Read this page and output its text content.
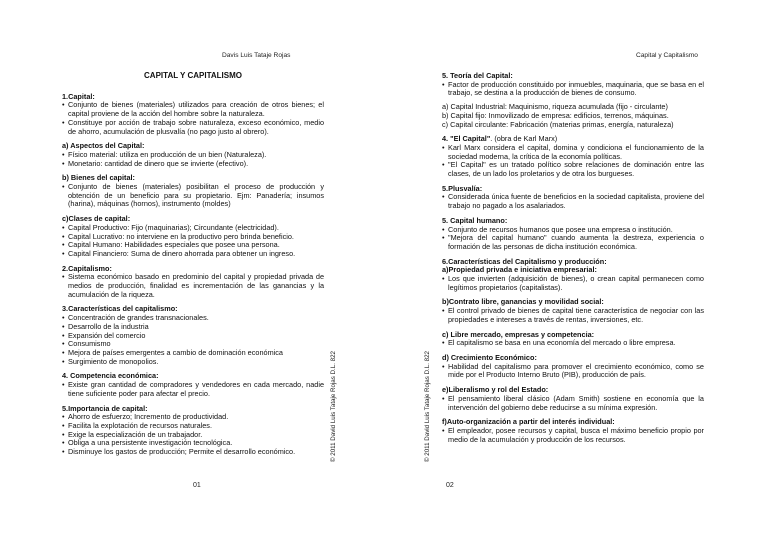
Davis Luis Tataje Rojas
CAPITAL Y CAPITALISMO
1.Capital:
• Conjunto de bienes (materiales) utilizados para creación de otros bienes; el capital proviene de la acción del hombre sobre la naturaleza.
• Constituye por acción de trabajo sobre naturaleza, exceso económico, medio de ahorro, acumulación de plusvalía (no pago justo al obrero).
a) Aspectos del Capital:
• Físico material: utiliza en producción de un bien (Naturaleza).
• Monetario: cantidad de dinero que se invierte (efectivo).
b) Bienes del capital:
• Conjunto de bienes (materiales) posibilitan el proceso de producción y obtención de un beneficio para su propietario. Ejm: Panadería; insumos (harina), máquinas (hornos), instrumento (moldes)
c)Clases de capital:
• Capital Productivo: Fijo (maquinarias); Circundante (electricidad).
• Capital Lucrativo: no interviene en la productivo pero brinda beneficio.
• Capital Humano: Habilidades especiales que posee una persona.
• Capital Financiero: Suma de dinero ahorrada para obtener un ingreso.
2.Capitalismo:
• Sistema económico basado en predominio del capital y propiedad privada de medios de producción, finalidad es incrementación de las ganancias y la acumulación de la riqueza.
3.Características del capitalismo:
• Concentración de grandes transnacionales.
• Desarrollo de la industria
• Expansión del comercio
• Consumismo
• Mejora de países emergentes a cambio de dominación económica
• Surgimiento de monopolios.
4. Competencia económica:
• Existe gran cantidad de compradores y vendedores en cada mercado, nadie tiene suficiente poder para afectar el precio.
5.Importancia de capital:
• Ahorro de esfuerzo; Incremento de productividad.
• Facilita la explotación de recursos naturales.
• Exige la especialización de un trabajador.
• Obliga a una persistente investigación tecnológica.
• Disminuye los gastos de producción; Permite el desarrollo económico.	© 2011 David Luis Tataje Rojas D.L. 822
01
Capital y Capitalismo
5. Teoría del Capital:
• Factor de producción constituido por inmuebles, maquinaria, que se basa en el trabajo, se destina a la producción de bienes de consumo.
a) Capital Industrial: Maquinismo, riqueza acumulada (fijo - circulante)
b) Capital fijo: Inmovilizado de empresa: edificios, terrenos, máquinas.
c) Capital circulante: Fabricación (materias primas, energía, naturaleza)
4. "El Capital". (obra de Karl Marx)
• Karl Marx considera el capital, domina y condiciona el funcionamiento de la sociedad moderna, la crítica de la economía políticas.
• "El Capital" es un tratado político sobre relaciones de dominación entre las clases, de un lado los proletarios y de otra los burgueses.
5.Plusvalía:
• Considerada única fuente de beneficios en la sociedad capitalista, proviene del trabajo no pagado a los asalariados.
5. Capital humano:
• Conjunto de recursos humanos que posee una empresa o institución.
• "Mejora del capital humano" cuando aumenta la destreza, experiencia o formación de las personas de dicha institución económica.
6.Características del Capitalismo y producción:
a)Propiedad privada e iniciativa empresarial:
• Los que invierten (adquisición de bienes), o crean capital permanecen como legítimos propietarios (capitalistas).
b)Contrato libre, ganancias y movilidad social:
• El control privado de bienes de capital tiene característica de negociar con las propiedades e intereses a través de rentas, inversiones, etc.
c) Libre mercado, empresas y competencia:
• El capitalismo se basa en una economía del mercado o libre empresa.
d) Crecimiento Económico:
• Habilidad del capitalismo para promover el crecimiento económico, como se mide por el Producto Interno Bruto (PIB), producción de país.
e)Liberalismo y rol del Estado:
• El pensamiento liberal clásico (Adam Smith) sostiene en economía que la intervención del gobierno debe reducirse a su mínima expresión.
f)Auto-organización a partir del interés individual:
• El empleador, posee recursos y capital, busca el máximo beneficio propio por medio de la acumulación y producción de los recursos.
© 2011 David Luis Tataje Rojas D.L. 822
02
